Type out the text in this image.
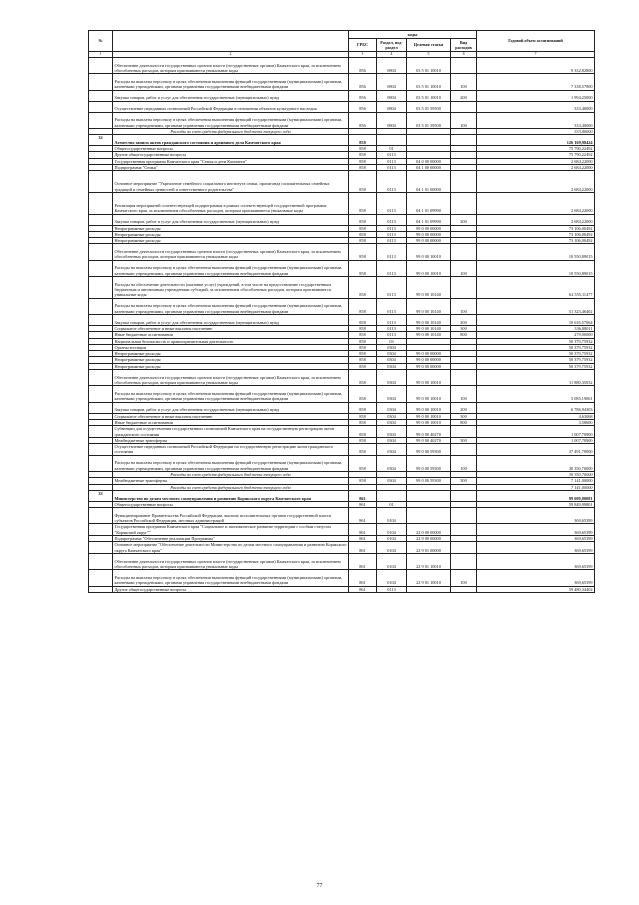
№		коды				Годовой объем ассигнований
		ГРБС	Раздел, под-раздел	Целевая статья	Вид расходов	
1	2	3	4	5	6	7
	Обеспечение деятельности государственных органов власти (государственных органов) Камчатского края, за исключением обособленных расходов, которым присваиваются уникальные коды	856	0804	03 5 01 10010		9 332,82800
	Расходы на выплаты персоналу в целях обеспечения выполнения функций государственными (муниципальными) органами, казенными учреждениями, органами управления государственными внебюджетными фондами	856	0804	03 5 01 10010	100	7 338,57800
	Закупка товаров, работ и услуг для обеспечения государственных (муниципальных) нужд	856	0804	03 5 01 10010	200	1 994,25000
	Осуществление переданных полномочий Российской Федерации в отношении объектов культурного наследия	856	0804	03 5 01 59500		333,40000
	Расходы на выплаты персоналу в целях обеспечения выполнения функций государственными (муниципальными) органами, казенными учреждениями, органами управления государственными внебюджетными фондами	856	0804	03 5 01 59500	100	333,40000
	Расходы за счет средств федерального бюджета текущего года					333,40000
32	Агентство записи актов гражданского состояния и архивного дела Камчатского края	858				126 169,98424
	Общегосударственные вопросы	858	01			75 790,22492
	Другие общегосударственные вопросы	858	0113			75 790,22492
	Государственная программа Камчатского края "Семья и дети Камчатки"	858	0113	04 0 00 00000		2 684,22000
	Подпрограмма "Семья"	858	0113	04 1 00 00000		2 684,22000
	Основное мероприятие "Укрепление семейного социального института семьи, пропаганда положительных семейных традиций и семейных ценностей и ответственного родительства"	858	0113	04 1 01 00000		2 684,22000
	Реализация мероприятий соответствующей подпрограммы в рамках соответствующей государственной программы Камчатского края, за исключением обособленных расходов, которым присваиваются уникальные коды	858	0113	04 1 01 09990		2 684,22000
	Закупка товаров, работ и услуг для обеспечения государственных (муниципальных) нужд	858	0113	04 1 01 09990	200	2 684,22000
	Непрограммные расходы	858	0113	99 0 00 00000		73 106,00492
	Непрограммные расходы	858	0113	99 0 00 00000		73 106,00492
	Непрограммные расходы	858	0113	99 0 00 00000		73 106,00492
	Обеспечение деятельности государственных органов власти (государственных органов) Камчатского края, за исключением обособленных расходов, которым присваиваются уникальные коды	858	0113	99 0 00 10010		10 550,89015
	Расходы на выплаты персоналу в целях обеспечения выполнения функций государственными (муниципальными) органами, казенными учреждениями, органами управления государственными внебюджетными фондами	858	0113	99 0 00 10010	100	10 550,89015
	Расходы на обеспечение деятельности (оказание услуг) учреждений, в том числе на предоставление государственным бюджетным и автономным учреждениям субсидий, за исключением обособленных расходов, которым присваиваются уникальные коды	858	0113	99 0 00 10140		62 555,11477
	Расходы на выплаты персоналу в целях обеспечения выполнения функций государственными (муниципальными) органами, казенными учреждениями, органами управления государственными внебюджетными фондами	858	0113	99 0 00 10140	100	51 323,46402
	Закупка товаров, работ и услуг для обеспечения государственных (муниципальных) нужд	858	0113	99 0 00 10140	200	10 616,57064
	Социальное обеспечение и иные выплаты населению	858	0113	99 0 00 10140	300	336,08011
	Иные бюджетные ассигнования	858	0113	99 0 00 10140	800	279,00000
	Национальная безопасность и правоохранительная деятельность	858	03			50 379,75932
	Органы юстиции	858	0304			50 379,75932
	Непрограммные расходы	858	0304	99 0 00 00000		50 379,75932
	Непрограммные расходы	858	0304	99 0 00 00000		50 379,75932
	Непрограммные расходы	858	0304	99 0 00 00000		50 379,75932
	Обеспечение деятельности государственных органов власти (государственных органов) Камчатского края, за исключением обособленных расходов, которым присваиваются уникальные коды	858	0304	99 0 00 10010		11 880,35032
	Расходы на выплаты персоналу в целях обеспечения выполнения функций государственными (муниципальными) органами, казенными учреждениями, органами управления государственными внебюджетными фондами	858	0304	99 0 00 10010	100	5 085,19061
	Закупка товаров, работ и услуг для обеспечения государственных (муниципальных) нужд	858	0304	99 0 00 10010	200	6 786,94303
	Социальное обеспечение и иные выплаты населению	858	0304	99 0 00 10010	300	4,63068
	Иные бюджетные ассигнования	858	0304	99 0 00 10010	800	3,58600
	Субвенции для осуществления государственных полномочий Камчатского края на государственную регистрацию актов гражданского состояния	858	0304	99 0 00 40270		1 007,70900
	Межбюджетные трансферты	858	0304	99 0 00 40270	500	1 007,70900
	Осуществление переданных полномочий Российской Федерации на государственную регистрацию актов гражданского состояния	858	0304	99 0 00 59300		37 491,70000
	Расходы на выплаты персоналу в целях обеспечения выполнения функций государственными (муниципальными) органами, казенными учреждениями, органами управления государственными внебюджетными фондами	858	0304	99 0 00 59300	100	30 350,70000
	Расходы за счет средств федерального бюджета текущего года					30 350,70000
	Межбюджетные трансферты	858	0304	99 0 00 59300	500	7 141,00000
	Расходы за счет средств федерального бюджета текущего года					7 141,00000
33	Министерство по делам местного самоуправления и развитию Корякского округа Камчатского края	861				99 609,00081
	Общегосударственные вопросы	861	01			59 849,99801
	Функционирование Правительства Российской Федерации, высших исполнительных органов государственной власти субъектов Российской Федерации, местных администраций	861	0104			369,65399
	Государственная программа Камчатского края "Социальное и экономическое развитие территории с особым статусом "Корякский округ""	861	0104	22 0 00 00000		369,65399
	Подпрограмма "Обеспечение реализации Программы"	861	0104	22 9 00 00000		369,65399
	Основное мероприятие "Обеспечение деятельности Министерства по делам местного самоуправления и развитию Корякского округа Камчатского края"	861	0104	22 9 01 00000		369,65399
	Обеспечение деятельности государственных органов власти (государственных органов) Камчатского края, за исключением обособленных расходов, которым присваиваются уникальные коды	861	0104	22 9 01 10010		369,65399
	Расходы на выплаты персоналу в целях обеспечения выполнения функций государственными (муниципальными) органами, казенными учреждениями, органами управления государственными внебюджетными фондами	861	0104	22 9 01 10010	100	369,65399
	Другие общегосударственные вопросы	861	0113			59 480,34402
77
